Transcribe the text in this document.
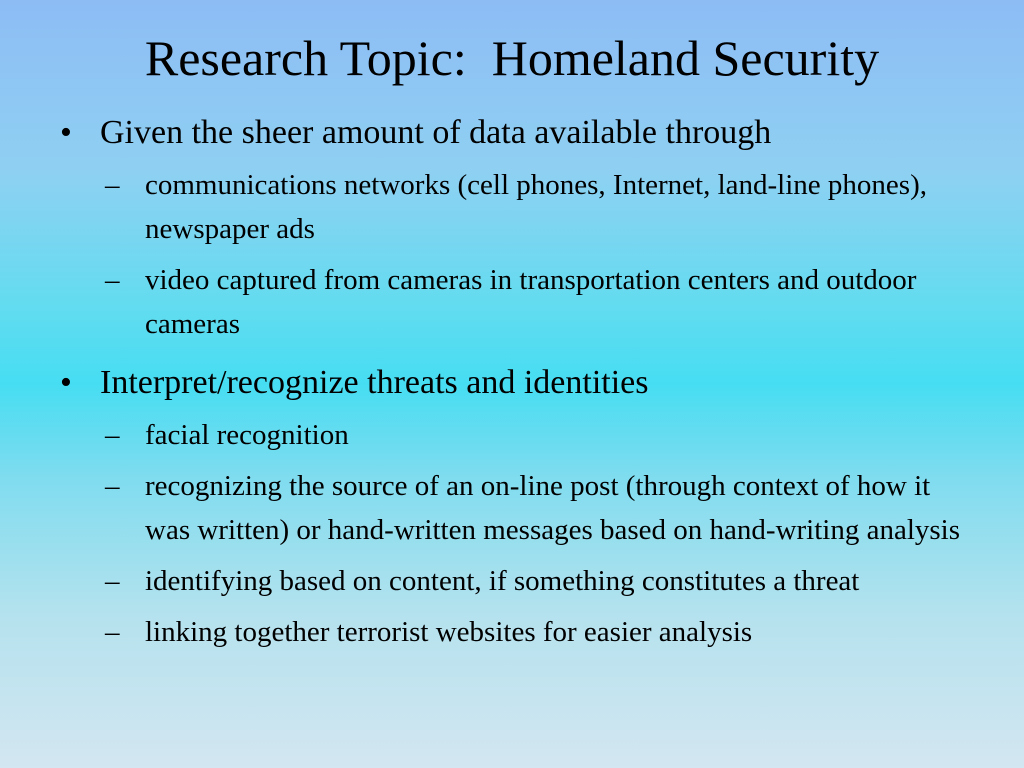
Research Topic:  Homeland Security
• Given the sheer amount of data available through
– communications networks (cell phones, Internet, land-line phones), newspaper ads
– video captured from cameras in transportation centers and outdoor cameras
• Interpret/recognize threats and identities
– facial recognition
– recognizing the source of an on-line post (through context of how it was written) or hand-written messages based on hand-writing analysis
– identifying based on content, if something constitutes a threat
– linking together terrorist websites for easier analysis
